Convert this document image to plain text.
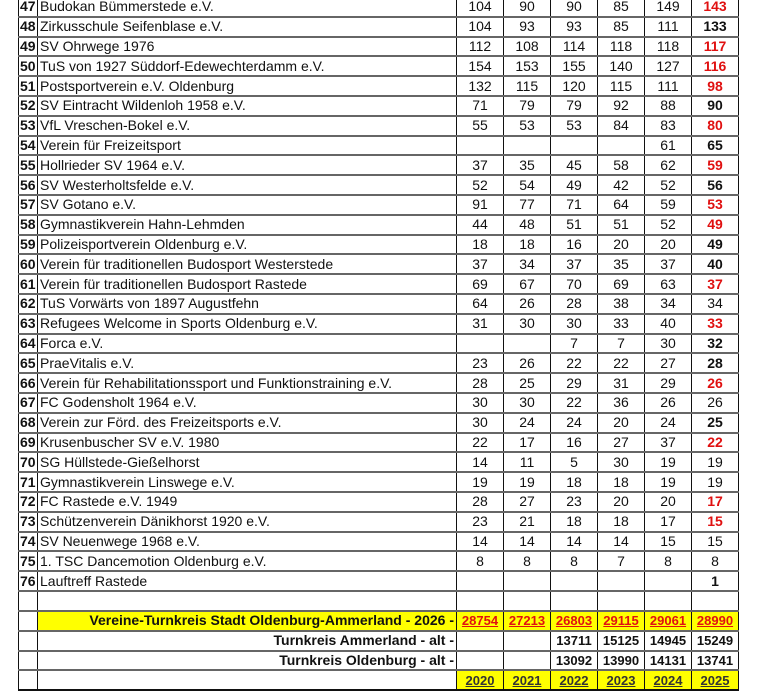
47	Budokan Bümmerstede e.V.	104	90	90	85	149	143
48	Zirkusschule Seifenblase e.V.	104	93	93	85	111	133
49	SV Ohrwege 1976	112	108	114	118	118	117
50	TuS von 1927 Süddorf-Edewechterdamm e.V.	154	153	155	140	127	116
51	Postsportverein e.V. Oldenburg	132	115	120	115	111	98
52	SV Eintracht Wildenloh 1958 e.V.	71	79	79	92	88	90
53	VfL Vreschen-Bokel e.V.	55	53	53	84	83	80
54	Verein für Freizeitsport					61	65
55	Hollrieder SV 1964 e.V.	37	35	45	58	62	59
56	SV Westerholtsfelde e.V.	52	54	49	42	52	56
57	SV Gotano e.V.	91	77	71	64	59	53
58	Gymnastikverein Hahn-Lehmden	44	48	51	51	52	49
59	Polizeisportverein Oldenburg e.V.	18	18	16	20	20	49
60	Verein für traditionellen Budosport Westerstede	37	34	37	35	37	40
61	Verein für traditionellen Budosport Rastede	69	67	70	69	63	37
62	TuS Vorwärts von 1897 Augustfehn	64	26	28	38	34	34
63	Refugees Welcome in Sports Oldenburg e.V.	31	30	30	33	40	33
64	Forca e.V.			7	7	30	32
65	PraeVitalis e.V.	23	26	22	22	27	28
66	Verein für Rehabilitationssport und Funktionstraining e.V.	28	25	29	31	29	26
67	FC Godensholt 1964 e.V.	30	30	22	36	26	26
68	Verein zur Förd. des Freizeitsports e.V.	30	24	24	20	24	25
69	Krusenbuscher SV e.V. 1980	22	17	16	27	37	22
70	SG Hüllstede-Gießelhorst	14	11	5	30	19	19
71	Gymnastikverein Linswege e.V.	19	19	18	18	19	19
72	FC Rastede e.V. 1949	28	27	23	20	20	17
73	Schützenverein Dänikhorst 1920 e.V.	23	21	18	18	17	15
74	SV Neuenwege 1968 e.V.	14	14	14	14	15	15
75	1. TSC Dancemotion Oldenburg e.V.	8	8	8	7	8	8
76	Lauftreff Rastede						1

	Vereine-Turnkreis Stadt Oldenburg-Ammerland - 2026 -	28754	27213	26803	29115	29061	28990
	Turnkreis Ammerland - alt -			13711	15125	14945	15249
	Turnkreis Oldenburg - alt -			13092	13990	14131	13741
		2020	2021	2022	2023	2024	2025
